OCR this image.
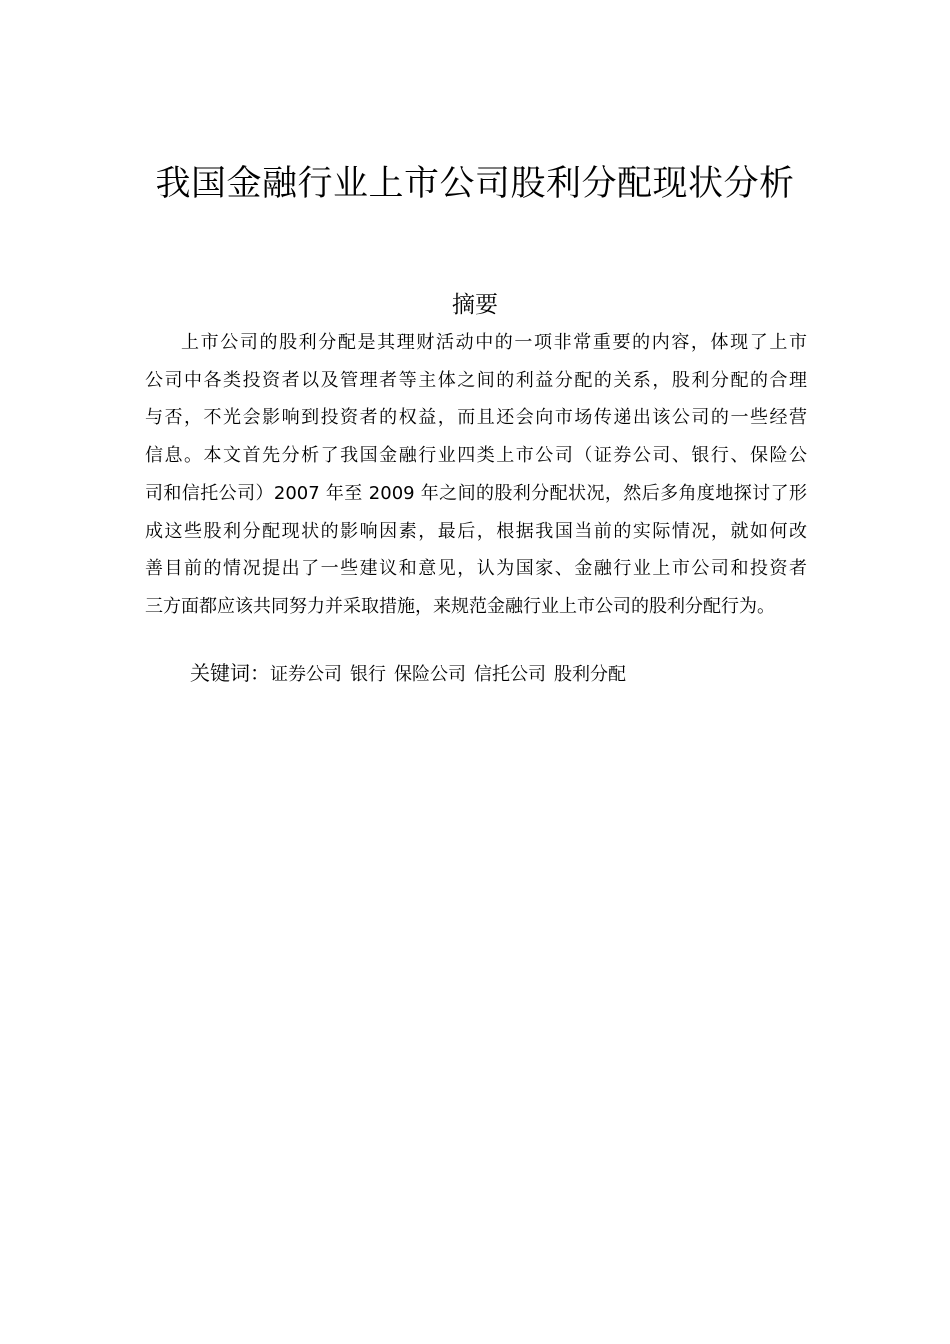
我国金融行业上市公司股利分配现状分析
摘要
上市公司的股利分配是其理财活动中的一项非常重要的内容，体现了上市
公司中各类投资者以及管理者等主体之间的利益分配的关系，股利分配的合理
与否，不光会影响到投资者的权益，而且还会向市场传递出该公司的一些经营
信息。本文首先分析了我国金融行业四类上市公司（证券公司、银行、保险公
司和信托公司）2007 年至 2009 年之间的股利分配状况，然后多角度地探讨了形
成这些股利分配现状的影响因素，最后，根据我国当前的实际情况，就如何改
善目前的情况提出了一些建议和意见，认为国家、金融行业上市公司和投资者
三方面都应该共同努力并采取措施，来规范金融行业上市公司的股利分配行为。
关键词：证券公司 银行 保险公司 信托公司 股利分配
